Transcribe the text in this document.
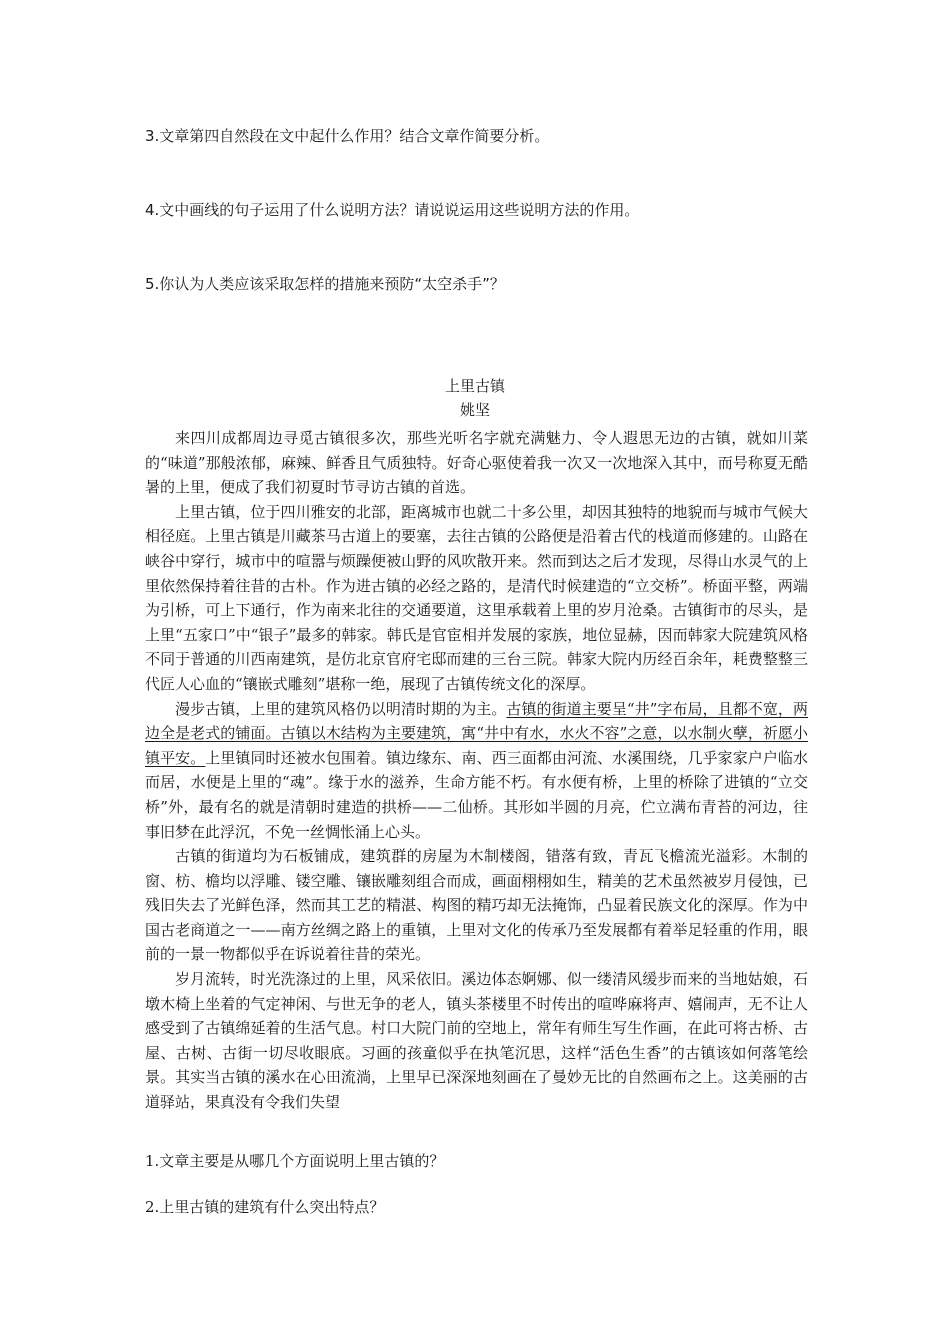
3.文章第四自然段在文中起什么作用？结合文章作简要分析。
4.文中画线的句子运用了什么说明方法？请说说运用这些说明方法的作用。
5.你认为人类应该采取怎样的措施来预防“太空杀手”？
上里古镇
姚坚

来四川成都周边寻觅古镇很多次，那些光听名字就充满魅力、令人遐思无边的古镇，就如川菜的“味道”那般浓郁，麻辣、鲜香且气质独特。好奇心驱使着我一次又一次地深入其中，而号称夏无酷暑的上里，便成了我们初夏时节寻访古镇的首选。

上里古镇，位于四川雅安的北部，距离城市也就二十多公里，却因其独特的地貌而与城市气候大相径庭。上里古镇是川藏茶马古道上的要塞，去往古镇的公路便是沿着古代的栈道而修建的。山路在峡谷中穿行，城市中的喧嚣与烦躁便被山野的风吹散开来。然而到达之后才发现，尽得山水灵气的上里依然保持着往昔的古朴。作为进古镇的必经之路的，是清代时候建造的“立交桥”。桥面平整，两端为引桥，可上下通行，作为南来北往的交通要道，这里承载着上里的岁月沧桑。古镇街市的尽头，是上里“五家口”中“银子”最多的韩家。韩氏是官宦相并发展的家族，地位显赫，因而韩家大院建筑风格不同于普通的川西南建筑，是仿北京官府宅邸而建的三台三院。韩家大院内历经百余年，耗费整整三代匠人心血的“镶嵌式雕刻”堪称一绝，展现了古镇传统文化的深厚。

漫步古镇，上里的建筑风格仍以明清时期的为主。古镇的街道主要呈“井”字布局，且都不宽，两边全是老式的铺面。古镇以木结构为主要建筑，寓“井中有水，水火不容”之意，以水制火孽，祈愿小镇平安。上里镇同时还被水包围着。镇边缘东、南、西三面都由河流、水溪围绕，几乎家家户户临水而居，水便是上里的“魂”。缘于水的滋养，生命方能不朽。有水便有桥，上里的桥除了进镇的“立交桥”外，最有名的就是清朝时建造的拱桥——二仙桥。其形如半圆的月亮，伫立满布青苔的河边，往事旧梦在此浮沉，不免一丝惆怅涌上心头。

古镇的街道均为石板铺成，建筑群的房屋为木制楼阁，错落有致，青瓦飞檐流光溢彩。木制的窗、枋、檐均以浮雕、镂空雕、镶嵌雕刻组合而成，画面栩栩如生，精美的艺术虽然被岁月侵蚀，已残旧失去了光鲜色泽，然而其工艺的精湛、构图的精巧却无法掩饰，凸显着民族文化的深厚。作为中国古老商道之一——南方丝绸之路上的重镇，上里对文化的传承乃至发展都有着举足轻重的作用，眼前的一景一物都似乎在诉说着往昔的荣光。

岁月流转，时光洗涤过的上里，风采依旧。溪边体态婀娜、似一缕清风缓步而来的当地姑娘，石墩木椅上坐着的气定神闲、与世无争的老人，镇头茶楼里不时传出的喧哗麻将声、嬉闹声，无不让人感受到了古镇绵延着的生活气息。村口大院门前的空地上，常年有师生写生作画，在此可将古桥、古屋、古树、古街一切尽收眼底。习画的孩童似乎在执笔沉思，这样“活色生香”的古镇该如何落笔绘景。其实当古镇的溪水在心田流淌，上里早已深深地刻画在了曼妙无比的自然画布之上。这美丽的古道驿站，果真没有令我们失望

1.文章主要是从哪几个方面说明上里古镇的？
2.上里古镇的建筑有什么突出特点？
